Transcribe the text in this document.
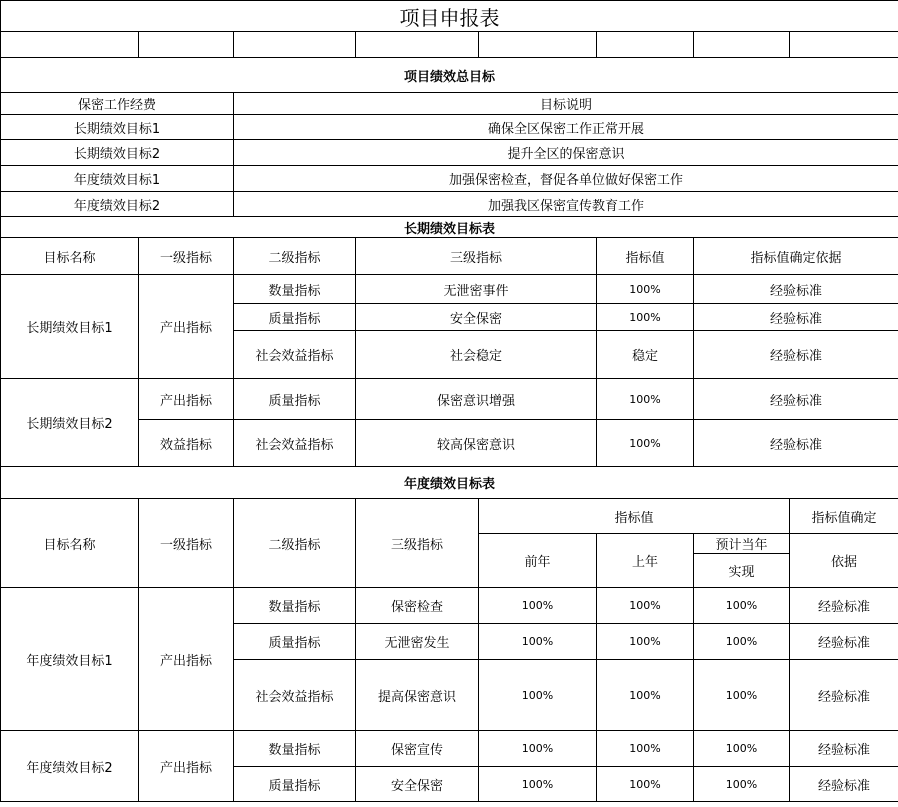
项目申报表							

项目绩效总目标							
保密工作经费		目标说明					
长期绩效目标1		确保全区保密工作正常开展					
长期绩效目标2		提升全区的保密意识					
年度绩效目标1		加强保密检查，督促各单位做好保密工作					
年度绩效目标2		加强我区保密宣传教育工作					
长期绩效目标表							
目标名称	一级指标	二级指标	三级指标		指标值	指标值确定依据	
长期绩效目标1	产出指标	数量指标	无泄密事件		100%	经验标准	
		质量指标	安全保密		100%	经验标准	
		社会效益指标	社会稳定		稳定	经验标准	
长期绩效目标2	产出指标	质量指标	保密意识增强		100%	经验标准	
	效益指标	社会效益指标	较高保密意识		100%	经验标准	
年度绩效目标表							
目标名称	一级指标	二级指标	三级指标	指标值			指标值确定
				前年	上年	预计当年	依据
						实现	
年度绩效目标1	产出指标	数量指标	保密检查	100%	100%	100%	经验标准
		质量指标	无泄密发生	100%	100%	100%	经验标准
		社会效益指标	提高保密意识	100%	100%	100%	经验标准
年度绩效目标2	产出指标	数量指标	保密宣传	100%	100%	100%	经验标准
		质量指标	安全保密	100%	100%	100%	经验标准
